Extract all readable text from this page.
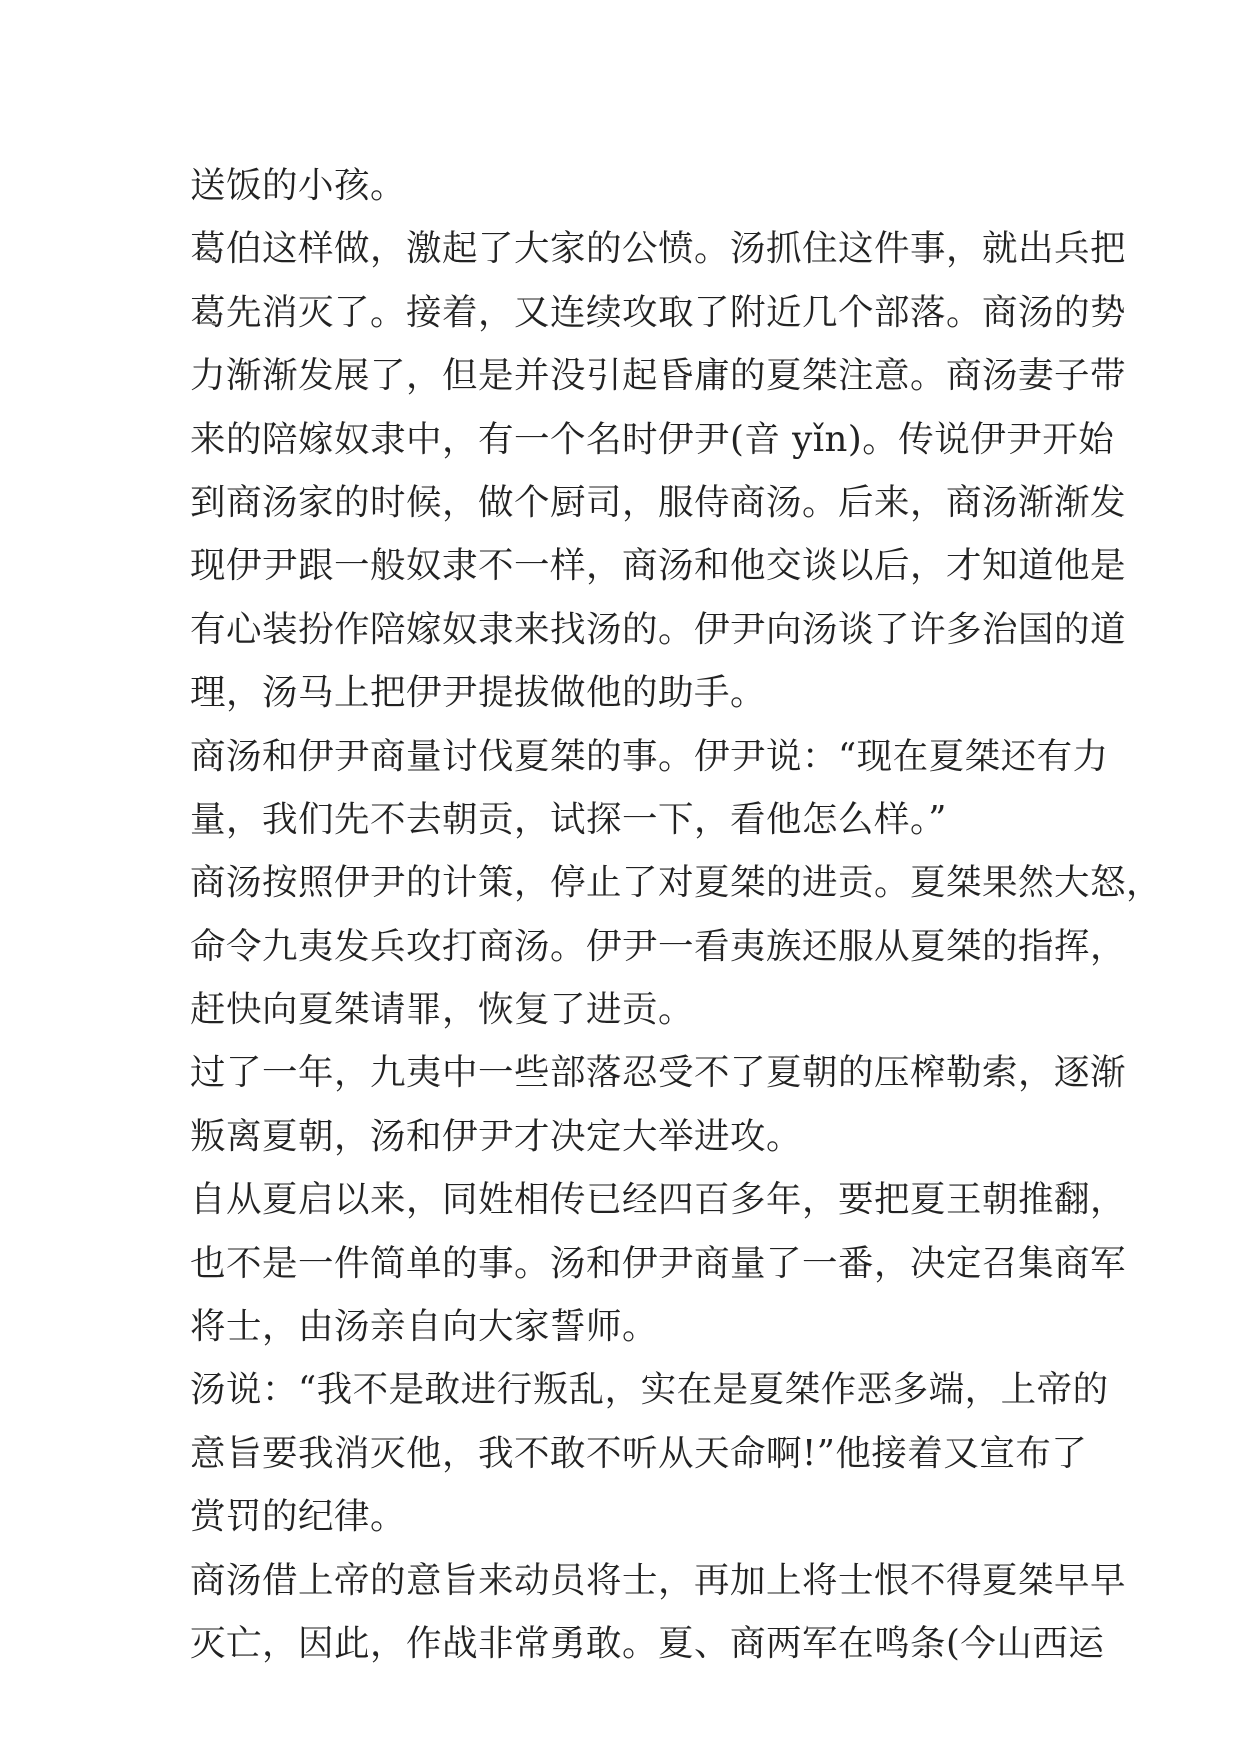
送饭的小孩。
葛伯这样做，激起了大家的公愤。汤抓住这件事，就出兵把
葛先消灭了。接着，又连续攻取了附近几个部落。商汤的势
力渐渐发展了，但是并没引起昏庸的夏桀注意。商汤妻子带
来的陪嫁奴隶中，有一个名时伊尹(音 yǐn)。传说伊尹开始
到商汤家的时候，做个厨司，服侍商汤。后来，商汤渐渐发
现伊尹跟一般奴隶不一样，商汤和他交谈以后，才知道他是
有心装扮作陪嫁奴隶来找汤的。伊尹向汤谈了许多治国的道
理，汤马上把伊尹提拔做他的助手。
商汤和伊尹商量讨伐夏桀的事。伊尹说：“现在夏桀还有力
量，我们先不去朝贡，试探一下，看他怎么样。”
商汤按照伊尹的计策，停止了对夏桀的进贡。夏桀果然大怒，
命令九夷发兵攻打商汤。伊尹一看夷族还服从夏桀的指挥，
赶快向夏桀请罪，恢复了进贡。
过了一年，九夷中一些部落忍受不了夏朝的压榨勒索，逐渐
叛离夏朝，汤和伊尹才决定大举进攻。
自从夏启以来，同姓相传已经四百多年，要把夏王朝推翻，
也不是一件简单的事。汤和伊尹商量了一番，决定召集商军
将士，由汤亲自向大家誓师。
汤说：“我不是敢进行叛乱，实在是夏桀作恶多端，上帝的
意旨要我消灭他，我不敢不听从天命啊!”他接着又宣布了
赏罚的纪律。
商汤借上帝的意旨来动员将士，再加上将士恨不得夏桀早早
灭亡，因此，作战非常勇敢。夏、商两军在鸣条(今山西运
